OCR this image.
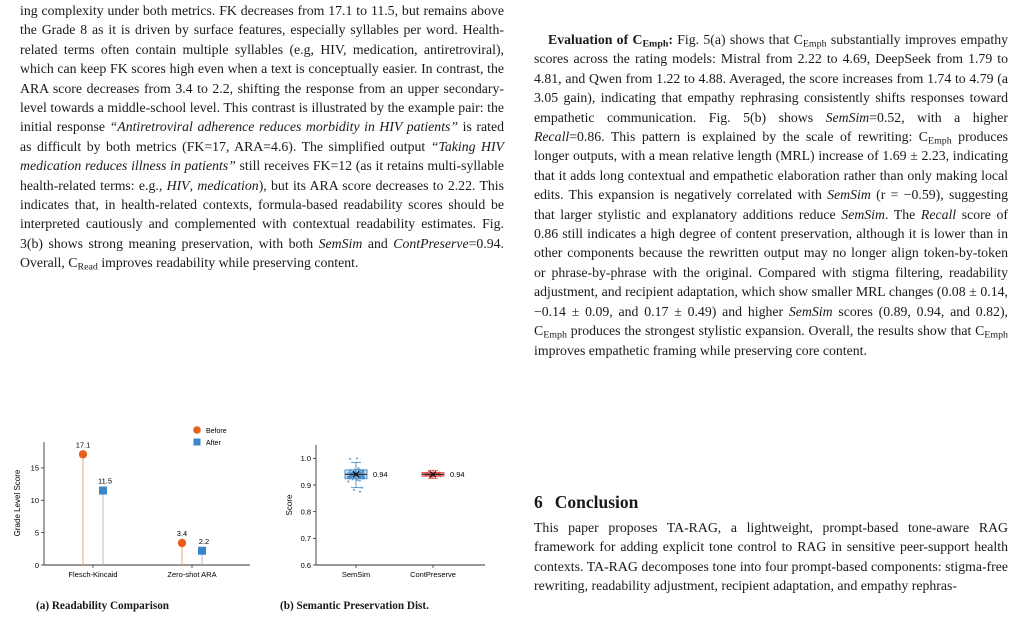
ing complexity under both metrics. FK decreases from 17.1 to 11.5, but remains above the Grade 8 as it is driven by surface features, especially syllables per word. Health-related terms often contain multiple syllables (e.g, HIV, medication, antiretroviral), which can keep FK scores high even when a text is conceptually easier. In contrast, the ARA score decreases from 3.4 to 2.2, shifting the response from an upper secondary-level towards a middle-school level. This contrast is illustrated by the example pair: the initial response “Antiretroviral adherence reduces morbidity in HIV patients” is rated as difficult by both metrics (FK=17, ARA=4.6). The simplified output “Taking HIV medication reduces illness in patients” still receives FK=12 (as it retains multi-syllable health-related terms: e.g., HIV, medication), but its ARA score decreases to 2.22. This indicates that, in health-related contexts, formula-based readability scores should be interpreted cautiously and complemented with contextual readability estimates. Fig. 3(b) shows strong meaning preservation, with both SemSim and ContPreserve=0.94. Overall, $C_{Read}$ improves readability while preserving content.

Evaluation of $C_{Emph}$: Fig. 5(a) shows that $C_{Emph}$ substantially improves empathy scores across the rating models: Mistral from 2.22 to 4.69, DeepSeek from 1.79 to 4.81, and Qwen from 1.22 to 4.88. Averaged, the score increases from 1.74 to 4.79 (a 3.05 gain), indicating that empathy rephrasing consistently shifts responses toward empathetic communication. Fig. 5(b) shows SemSim=0.52, with a higher Recall=0.86. This pattern is explained by the scale of rewriting: $C_{Emph}$ produces longer outputs, with a mean relative length (MRL) increase of 1.69 ± 2.23, indicating that it adds long contextual and empathetic elaboration rather than only making local edits. This expansion is negatively correlated with SemSim (r = −0.59), suggesting that larger stylistic and explanatory additions reduce SemSim. The Recall score of 0.86 still indicates a high degree of content preservation, although it is lower than in other components because the rewritten output may no longer align token-by-token or phrase-by-phrase with the original. Compared with stigma filtering, readability adjustment, and recipient adaptation, which show smaller MRL changes (0.08 ± 0.14, −0.14 ± 0.09, and 0.17 ± 0.49) and higher SemSim scores (0.89, 0.94, and 0.82), $C_{Emph}$ produces the strongest stylistic expansion. Overall, the results show that $C_{Emph}$ improves empathetic framing while preserving core content.

6 Conclusion

This paper proposes TA-RAG, a lightweight, prompt-based tone-aware RAG framework for adding explicit tone control to RAG in sensitive peer-support health contexts. TA-RAG decomposes tone into four prompt-based components: stigma-free rewriting, readability adjustment, recipient adaptation, and empathy rephras-

Grade Level Score
0
5
10
15
Flesch-Kincaid
17.1
11.5
Zero-shot ARA
3.4
2.2
Before
After
Score
0.6
0.7
0.8
0.9
1.0
SemSim
0.94
ContPreserve
0.94
(a) Readability Comparison	(b) Semantic Preservation Dist.
